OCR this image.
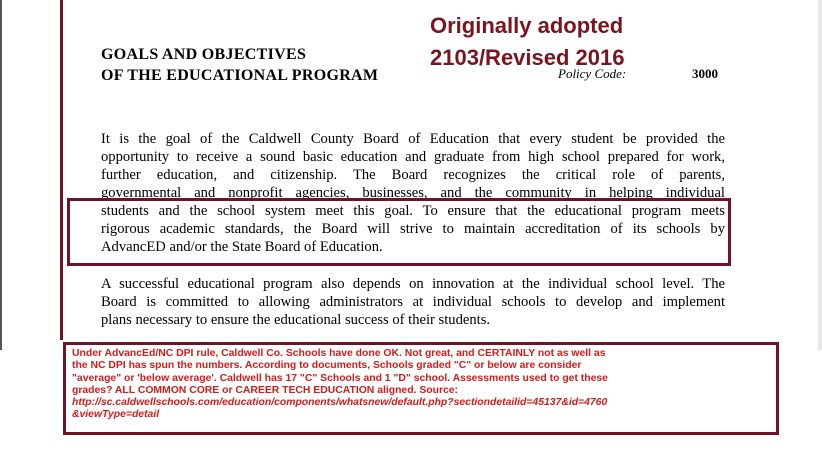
GOALS AND OBJECTIVES
OF THE EDUCATIONAL PROGRAM
Originally adopted
2103/Revised 2016
Policy Code:	3000

It is the goal of the Caldwell County Board of Education that every student be provided the
opportunity to receive a sound basic education and graduate from high school prepared for work,
further education, and citizenship. The Board recognizes the critical role of parents,
governmental and nonprofit agencies, businesses, and the community in helping individual
students and the school system meet this goal. To ensure that the educational program meets
rigorous academic standards, the Board will strive to maintain accreditation of its schools by
AdvancED and/or the State Board of Education.

A successful educational program also depends on innovation at the individual school level. The
Board is committed to allowing administrators at individual schools to develop and implement
plans necessary to ensure the educational success of their students.

Under AdvancEd/NC DPI rule, Caldwell Co. Schools have done OK. Not great, and CERTAINLY not as well as
the NC DPI has spun the numbers. According to documents, Schools graded "C" or below are consider
"average" or 'below average'. Caldwell has 17 "C" Schools and 1 "D" school. Assessments used to get these
grades? ALL COMMON CORE or CAREER TECH EDUCATION aligned. Source:
http://sc.caldwellschools.com/education/components/whatsnew/default.php?sectiondetailid=45137&id=4760
&viewType=detail
